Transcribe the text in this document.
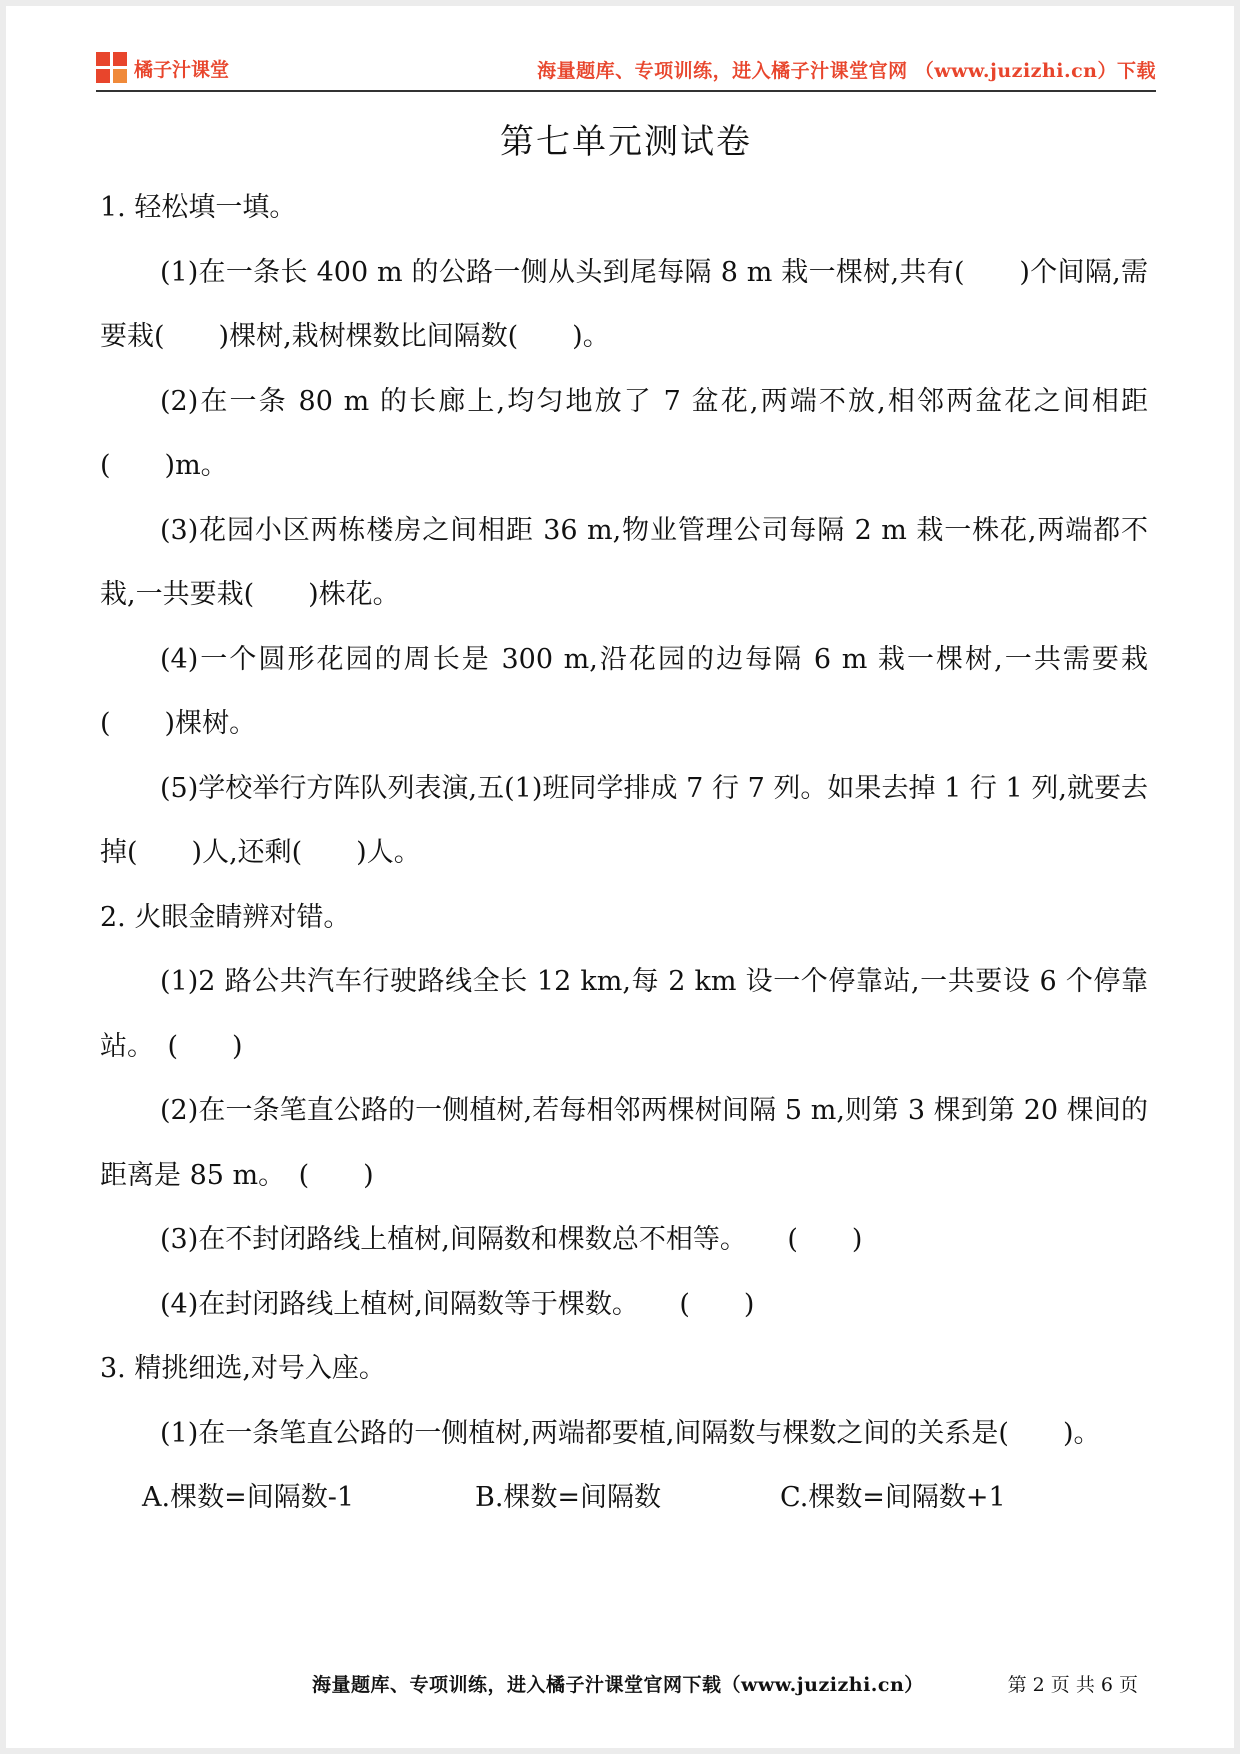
橘子汁课堂	海量题库、专项训练，进入橘子汁课堂官网 （www.juzizhi.cn）下载
第七单元测试卷

1. 轻松填一填。

(1)在一条长 400 m 的公路一侧从头到尾每隔 8 m 栽一棵树,共有(　　)个间隔,需要栽(　　)棵树,栽树棵数比间隔数(　　)。

(2)在一条 80 m 的长廊上,均匀地放了 7 盆花,两端不放,相邻两盆花之间相距(　　)m。

(3)花园小区两栋楼房之间相距 36 m,物业管理公司每隔 2 m 栽一株花,两端都不栽,一共要栽(　　)株花。

(4)一个圆形花园的周长是 300 m,沿花园的边每隔 6 m 栽一棵树,一共需要栽(　　)棵树。

(5)学校举行方阵队列表演,五(1)班同学排成 7 行 7 列。如果去掉 1 行 1 列,就要去掉(　　)人,还剩(　　)人。

2. 火眼金睛辨对错。

(1)2 路公共汽车行驶路线全长 12 km,每 2 km 设一个停靠站,一共要设 6 个停靠站。　(　　)

(2)在一条笔直公路的一侧植树,若每相邻两棵树间隔 5 m,则第 3 棵到第 20 棵间的距离是 85 m。　(　　)

(3)在不封闭路线上植树,间隔数和棵数总不相等。　　(　　)

(4)在封闭路线上植树,间隔数等于棵数。　　(　　)

3. 精挑细选,对号入座。

(1)在一条笔直公路的一侧植树,两端都要植,间隔数与棵数之间的关系是(　　)。

A.棵数=间隔数-1	B.棵数=间隔数	C.棵数=间隔数+1
海量题库、专项训练，进入橘子汁课堂官网下载（www.juzizhi.cn）	第 2 页 共 6 页
